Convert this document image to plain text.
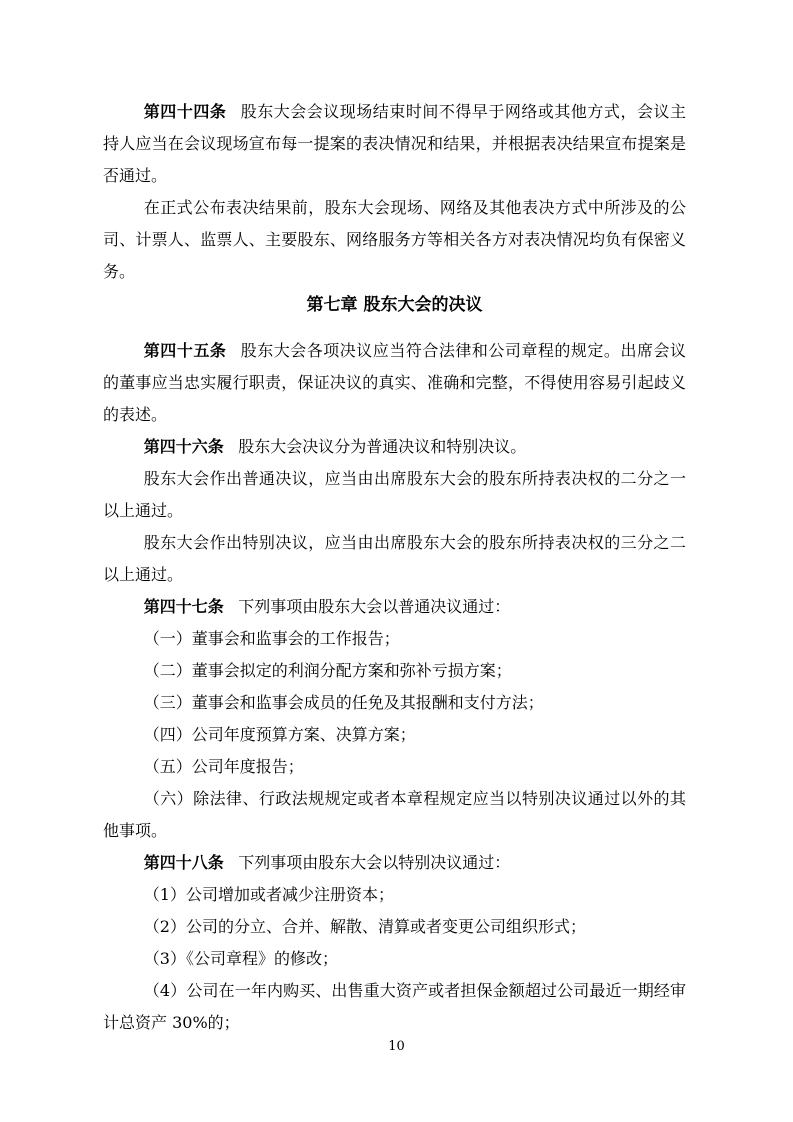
第四十四条 股东大会会议现场结束时间不得早于网络或其他方式，会议主持人应当在会议现场宣布每一提案的表决情况和结果，并根据表决结果宣布提案是否通过。

在正式公布表决结果前，股东大会现场、网络及其他表决方式中所涉及的公司、计票人、监票人、主要股东、网络服务方等相关各方对表决情况均负有保密义务。

第七章 股东大会的决议

第四十五条 股东大会各项决议应当符合法律和公司章程的规定。出席会议的董事应当忠实履行职责，保证决议的真实、准确和完整，不得使用容易引起歧义的表述。

第四十六条 股东大会决议分为普通决议和特别决议。

股东大会作出普通决议，应当由出席股东大会的股东所持表决权的二分之一以上通过。

股东大会作出特别决议，应当由出席股东大会的股东所持表决权的三分之二以上通过。

第四十七条 下列事项由股东大会以普通决议通过：

（一）董事会和监事会的工作报告；

（二）董事会拟定的利润分配方案和弥补亏损方案；

（三）董事会和监事会成员的任免及其报酬和支付方法；

（四）公司年度预算方案、决算方案；

（五）公司年度报告；

（六）除法律、行政法规规定或者本章程规定应当以特别决议通过以外的其他事项。

第四十八条 下列事项由股东大会以特别决议通过：

（1）公司增加或者减少注册资本；

（2）公司的分立、合并、解散、清算或者变更公司组织形式；

（3）《公司章程》的修改；

（4）公司在一年内购买、出售重大资产或者担保金额超过公司最近一期经审计总资产 30%的；

10
